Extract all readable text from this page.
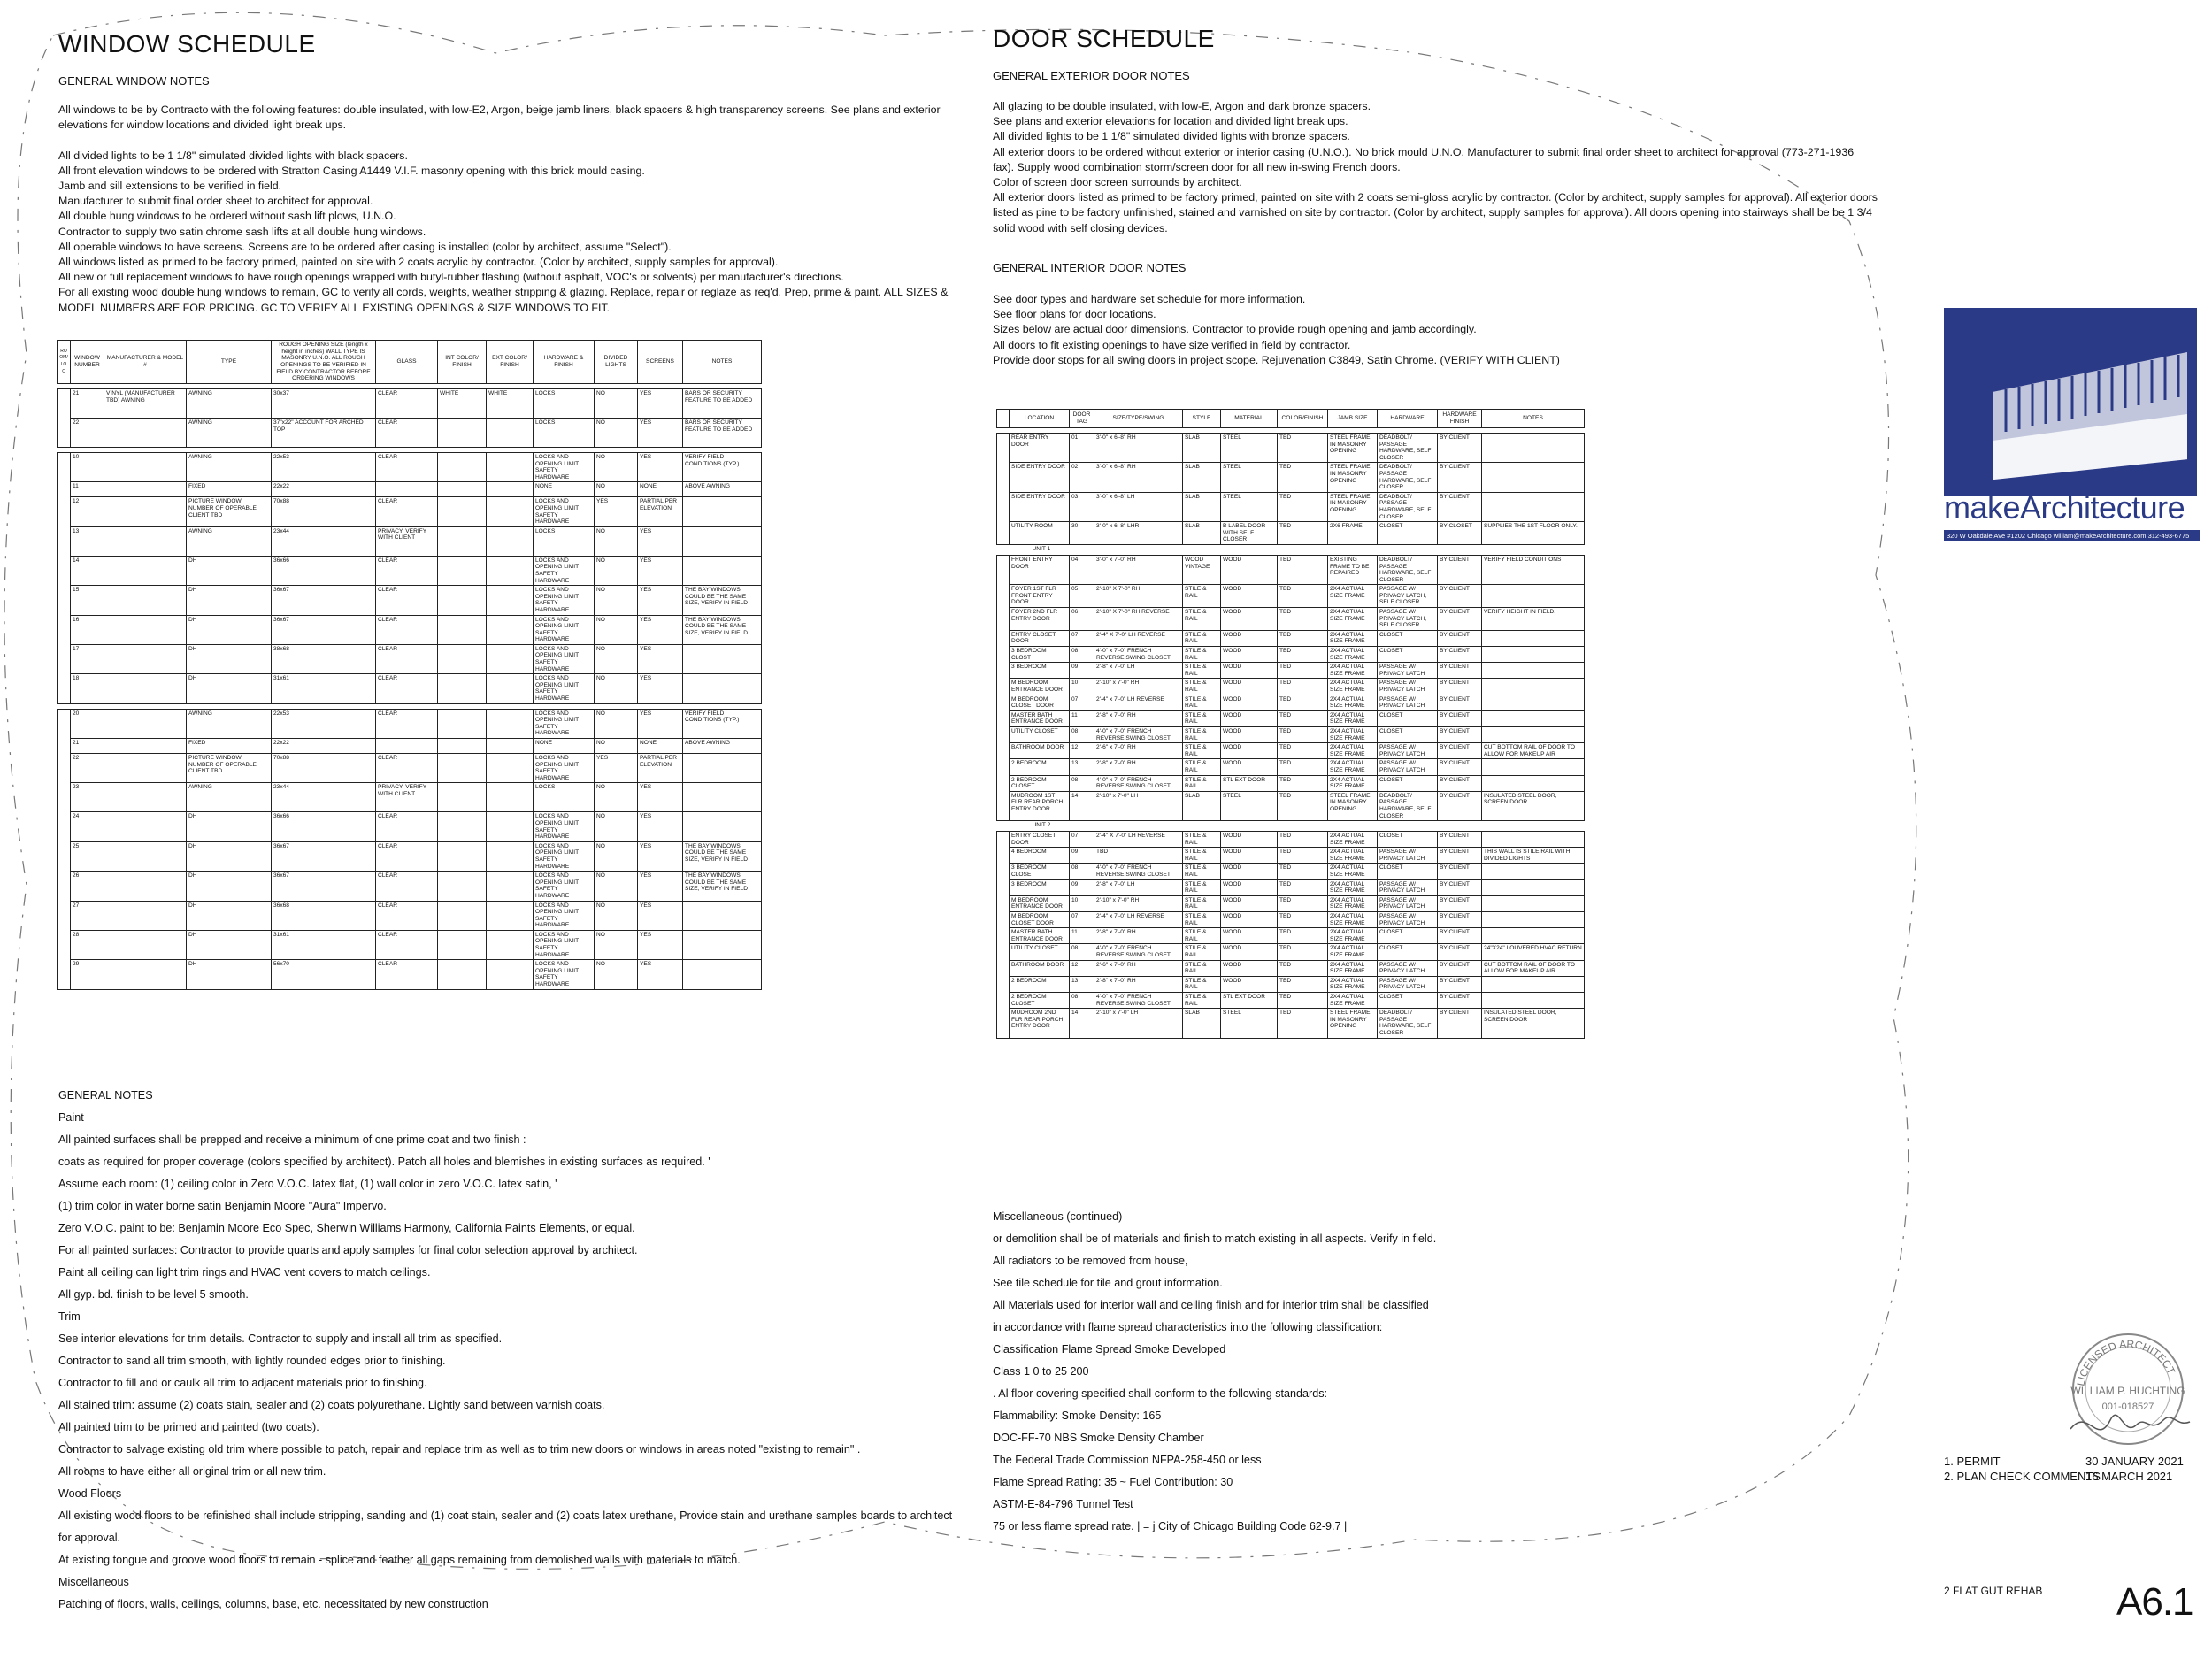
WINDOW SCHEDULE
GENERAL WINDOW NOTES
All windows to be by Contracto with the following features: double insulated, with low-E2, Argon, beige jamb liners, black spacers & high transparency screens. See plans and exterior
elevations for window locations and divided light break ups.

All divided lights to be 1 1/8" simulated divided lights with black spacers.
All front elevation windows to be ordered with Stratton Casing A1449 V.I.F. masonry opening with this brick mould casing.
Jamb and sill extensions to be verified in field.
Manufacturer to submit final order sheet to architect for approval.
All double hung windows to be ordered without sash lift plows, U.N.O.
Contractor to supply two satin chrome sash lifts at all double hung windows.
All operable windows to have screens. Screens are to be ordered after casing is installed (color by architect, assume "Select").
All windows listed as primed to be factory primed, painted on site with 2 coats acrylic by contractor. (Color by architect, supply samples for approval).
All new or full replacement windows to have rough openings wrapped with butyl-rubber flashing (without asphalt, VOC's or solvents) per manufacturer's directions.
For all existing wood double hung windows to remain, GC to verify all cords, weights, weather stripping & glazing. Replace, repair or reglaze as req'd. Prep, prime & paint. ALL SIZES &
MODEL NUMBERS ARE FOR PRICING. GC TO VERIFY ALL EXISTING OPENINGS & SIZE WINDOWS TO FIT.
ROOM/LOC	WINDOW NUMBER	MANUFACTURER & MODEL #	TYPE	ROUGH OPENING SIZE (length x height in inches) WALL TYPE IS MASONRY U.N.O. ALL ROUGH OPENINGS TO BE VERIFIED IN FIELD BY CONTRACTOR BEFORE ORDERING WINDOWS	GLASS	INT COLOR/ FINISH	EXT COLOR/ FINISH	HARDWARE & FINISH	DIVIDED LIGHTS	SCREENS	NOTES

	21	VINYL (MANUFACTURER TBD) AWNING	AWNING	30x37	CLEAR	WHITE	WHITE	LOCKS	NO	YES	BARS OR SECURITY FEATURE TO BE ADDED
	22		AWNING	37"x22" ACCOUNT FOR ARCHED TOP	CLEAR			LOCKS	NO	YES	BARS OR SECURITY FEATURE TO BE ADDED

	10		AWNING	22x53	CLEAR			LOCKS AND OPENING LIMIT SAFETY HARDWARE	NO	YES	VERIFY FIELD CONDITIONS (TYP.)
	11		FIXED	22x22				NONE	NO	NONE	ABOVE AWNING
	12		PICTURE WINDOW. NUMBER OF OPERABLE CLIENT TBD	70x88	CLEAR			LOCKS AND OPENING LIMIT SAFETY HARDWARE	YES	PARTIAL PER ELEVATION	
	13		AWNING	23x44	PRIVACY, VERIFY WITH CLIENT			LOCKS	NO	YES	
	14		DH	36x66	CLEAR			LOCKS AND OPENING LIMIT SAFETY HARDWARE	NO	YES	
	15		DH	36x67	CLEAR			LOCKS AND OPENING LIMIT SAFETY HARDWARE	NO	YES	THE BAY WINDOWS COULD BE THE SAME SIZE, VERIFY IN FIELD
	16		DH	36x67	CLEAR			LOCKS AND OPENING LIMIT SAFETY HARDWARE	NO	YES	THE BAY WINDOWS COULD BE THE SAME SIZE, VERIFY IN FIELD
	17		DH	38x68	CLEAR			LOCKS AND OPENING LIMIT SAFETY HARDWARE	NO	YES	
	18		DH	31x61	CLEAR			LOCKS AND OPENING LIMIT SAFETY HARDWARE	NO	YES	

	20		AWNING	22x53	CLEAR			LOCKS AND OPENING LIMIT SAFETY HARDWARE	NO	YES	VERIFY FIELD CONDITIONS (TYP.)
	21		FIXED	22x22				NONE	NO	NONE	ABOVE AWNING
	22		PICTURE WINDOW. NUMBER OF OPERABLE CLIENT TBD	70x88	CLEAR			LOCKS AND OPENING LIMIT SAFETY HARDWARE	YES	PARTIAL PER ELEVATION	
	23		AWNING	23x44	PRIVACY, VERIFY WITH CLIENT			LOCKS	NO	YES	
	24		DH	36x66	CLEAR			LOCKS AND OPENING LIMIT SAFETY HARDWARE	NO	YES	
	25		DH	36x67	CLEAR			LOCKS AND OPENING LIMIT SAFETY HARDWARE	NO	YES	THE BAY WINDOWS COULD BE THE SAME SIZE, VERIFY IN FIELD
	26		DH	36x67	CLEAR			LOCKS AND OPENING LIMIT SAFETY HARDWARE	NO	YES	THE BAY WINDOWS COULD BE THE SAME SIZE, VERIFY IN FIELD
	27		DH	36x68	CLEAR			LOCKS AND OPENING LIMIT SAFETY HARDWARE	NO	YES	
	28		DH	31x61	CLEAR			LOCKS AND OPENING LIMIT SAFETY HARDWARE	NO	YES	
	29		DH	56x70	CLEAR			LOCKS AND OPENING LIMIT SAFETY HARDWARE	NO	YES	
GENERAL NOTES
Paint
All painted surfaces shall be prepped and receive a minimum of one prime coat and two finish :
coats as required for proper coverage (colors specified by architect). Patch all holes and blemishes in existing surfaces as required. '
Assume each room: (1) ceiling color in Zero V.O.C. latex flat, (1) wall color in zero V.O.C. latex satin, '
(1) trim color in water borne satin Benjamin Moore "Aura" Impervo.
Zero V.O.C. paint to be: Benjamin Moore Eco Spec, Sherwin Williams Harmony, California Paints Elements, or equal.
For all painted surfaces: Contractor to provide quarts and apply samples for final color selection approval by architect.
Paint all ceiling can light trim rings and HVAC vent covers to match ceilings.
All gyp. bd. finish to be level 5 smooth.
Trim
See interior elevations for trim details. Contractor to supply and install all trim as specified.
Contractor to sand all trim smooth, with lightly rounded edges prior to finishing.
Contractor to fill and or caulk all trim to adjacent materials prior to finishing.
All stained trim: assume (2) coats stain, sealer and (2) coats polyurethane. Lightly sand between varnish coats.
All painted trim to be primed and painted (two coats).
Contractor to salvage existing old trim where possible to patch, repair and replace trim as well as to trim new doors or windows in areas noted "existing to remain" .
All rooms to have either all original trim or all new trim.
Wood Floors
All existing wood floors to be refinished shall include stripping, sanding and (1) coat stain, sealer and (2) coats latex urethane, Provide stain and urethane samples boards to architect
for approval.
At existing tongue and groove wood floors to remain - splice and feather all gaps remaining from demolished walls with materials to match.
Miscellaneous
Patching of floors, walls, ceilings, columns, base, etc. necessitated by new construction
DOOR SCHEDULE
GENERAL EXTERIOR DOOR NOTES
All glazing to be double insulated, with low-E, Argon and dark bronze spacers.
See plans and exterior elevations for location and divided light break ups.
All divided lights to be 1 1/8" simulated divided lights with bronze spacers.
All exterior doors to be ordered without exterior or interior casing (U.N.O.). No brick mould U.N.O. Manufacturer to submit final order sheet to architect for approval (773-271-1936
fax). Supply wood combination storm/screen door for all new in-swing French doors.
Color of screen door screen surrounds by architect.
All exterior doors listed as primed to be factory primed, painted on site with 2 coats semi-gloss acrylic by contractor. (Color by architect, supply samples for approval). All exterior doors
listed as pine to be factory unfinished, stained and varnished on site by contractor. (Color by architect, supply samples for approval). All doors opening into stairways shall be be 1 3/4
solid wood with self closing devices.
GENERAL INTERIOR DOOR NOTES
See door types and hardware set schedule for more information.
See floor plans for door locations.
Sizes below are actual door dimensions. Contractor to provide rough opening and jamb accordingly.
All doors to fit existing openings to have size verified in field by contractor.
Provide door stops for all swing doors in project scope. Rejuvenation C3849, Satin Chrome. (VERIFY WITH CLIENT)
	LOCATION	DOOR TAG	SIZE/TYPE/SWING	STYLE	MATERIAL	COLOR/FINISH	JAMB SIZE	HARDWARE	HARDWARE FINISH	NOTES

	REAR ENTRY DOOR	01	3'-0" x 6'-8" RH	SLAB	STEEL	TBD	STEEL FRAME IN MASONRY OPENING	DEADBOLT/ PASSAGE HARDWARE, SELF CLOSER	BY CLIENT	
	SIDE ENTRY DOOR	02	3'-0" x 6'-8" RH	SLAB	STEEL	TBD	STEEL FRAME IN MASONRY OPENING	DEADBOLT/ PASSAGE HARDWARE, SELF CLOSER	BY CLIENT	
	SIDE ENTRY DOOR	03	3'-0" x 6'-8" LH	SLAB	STEEL	TBD	STEEL FRAME IN MASONRY OPENING	DEADBOLT/ PASSAGE HARDWARE, SELF CLOSER	BY CLIENT	
	UTILITY ROOM	30	3'-0" x 6'-8" LHR	SLAB	B LABEL DOOR WITH SELF CLOSER	TBD	2X6 FRAME	CLOSET	BY CLOSET	SUPPLIES THE 1ST FLOOR ONLY.
UNIT 1										
	FRONT ENTRY DOOR	04	3'-0" x 7'-0" RH	WOOD VINTAGE	WOOD	TBD	EXISTING FRAME TO BE REPAIRED	DEADBOLT/ PASSAGE HARDWARE, SELF CLOSER	BY CLIENT	VERIFY FIELD CONDITIONS
	FOYER 1ST FLR FRONT ENTRY DOOR	05	2'-10" X 7'-0" RH	STILE & RAIL	WOOD	TBD	2X4 ACTUAL SIZE FRAME	PASSAGE W/ PRIVACY LATCH, SELF CLOSER	BY CLIENT	
	FOYER 2ND FLR ENTRY DOOR	06	2'-10" X 7'-0" RH REVERSE	STILE & RAIL	WOOD	TBD	2X4 ACTUAL SIZE FRAME	PASSAGE W/ PRIVACY LATCH, SELF CLOSER	BY CLIENT	VERIFY HEIGHT IN FIELD.
	ENTRY CLOSET DOOR	07	2'-4" X 7'-0" LH REVERSE	STILE & RAIL	WOOD	TBD	2X4 ACTUAL SIZE FRAME	CLOSET	BY CLIENT	
	3 BEDROOM CLOST	08	4'-0" x 7'-0" FRENCH REVERSE SWING CLOSET	STILE & RAIL	WOOD	TBD	2X4 ACTUAL SIZE FRAME	CLOSET	BY CLIENT	
	3 BEDROOM	09	2'-8" x 7'-0" LH	STILE & RAIL	WOOD	TBD	2X4 ACTUAL SIZE FRAME	PASSAGE W/ PRIVACY LATCH	BY CLIENT	
	M BEDROOM ENTRANCE DOOR	10	2'-10" x 7'-0" RH	STILE & RAIL	WOOD	TBD	2X4 ACTUAL SIZE FRAME	PASSAGE W/ PRIVACY LATCH	BY CLIENT	
	M BEDROOM CLOSET DOOR	07	2'-4" x 7'-0" LH REVERSE	STILE & RAIL	WOOD	TBD	2X4 ACTUAL SIZE FRAME	PASSAGE W/ PRIVACY LATCH	BY CLIENT	
	MASTER BATH ENTRANCE DOOR	11	2'-8" x 7'-0" RH	STILE & RAIL	WOOD	TBD	2X4 ACTUAL SIZE FRAME	CLOSET	BY CLIENT	
	UTILITY CLOSET	08	4'-0" x 7'-0" FRENCH REVERSE SWING CLOSET	STILE & RAIL	WOOD	TBD	2X4 ACTUAL SIZE FRAME	CLOSET	BY CLIENT	
	BATHROOM DOOR	12	2'-6" x 7'-0" RH	STILE & RAIL	WOOD	TBD	2X4 ACTUAL SIZE FRAME	PASSAGE W/ PRIVACY LATCH	BY CLIENT	CUT BOTTOM RAIL OF DOOR TO ALLOW FOR MAKEUP AIR
	2 BEDROOM	13	2'-8" x 7'-0" RH	STILE & RAIL	WOOD	TBD	2X4 ACTUAL SIZE FRAME	PASSAGE W/ PRIVACY LATCH	BY CLIENT	
	2 BEDROOM CLOSET	08	4'-0" x 7'-0" FRENCH REVERSE SWING CLOSET	STILE & RAIL	STL EXT DOOR	TBD	2X4 ACTUAL SIZE FRAME	CLOSET	BY CLIENT	
	MUDROOM 1ST FLR REAR PORCH ENTRY DOOR	14	2'-10" x 7'-0" LH	SLAB	STEEL	TBD	STEEL FRAME IN MASONRY OPENING	DEADBOLT/ PASSAGE HARDWARE, SELF CLOSER	BY CLIENT	INSULATED STEEL DOOR, SCREEN DOOR
UNIT 2										
	ENTRY CLOSET DOOR	07	2'-4" X 7'-0" LH REVERSE	STILE & RAIL	WOOD	TBD	2X4 ACTUAL SIZE FRAME	CLOSET	BY CLIENT	
	4 BEDROOM	09	TBD	STILE & RAIL	WOOD	TBD	2X4 ACTUAL SIZE FRAME	PASSAGE W/ PRIVACY LATCH	BY CLIENT	THIS WALL IS STILE RAIL WITH DIVIDED LIGHTS
	3 BEDROOM CLOSET	08	4'-0" x 7'-0" FRENCH REVERSE SWING CLOSET	STILE & RAIL	WOOD	TBD	2X4 ACTUAL SIZE FRAME	CLOSET	BY CLIENT	
	3 BEDROOM	09	2'-8" x 7'-0" LH	STILE & RAIL	WOOD	TBD	2X4 ACTUAL SIZE FRAME	PASSAGE W/ PRIVACY LATCH	BY CLIENT	
	M BEDROOM ENTRANCE DOOR	10	2'-10" x 7'-0" RH	STILE & RAIL	WOOD	TBD	2X4 ACTUAL SIZE FRAME	PASSAGE W/ PRIVACY LATCH	BY CLIENT	
	M BEDROOM CLOSET DOOR	07	2'-4" x 7'-0" LH REVERSE	STILE & RAIL	WOOD	TBD	2X4 ACTUAL SIZE FRAME	PASSAGE W/ PRIVACY LATCH	BY CLIENT	
	MASTER BATH ENTRANCE DOOR	11	2'-8" x 7'-0" RH	STILE & RAIL	WOOD	TBD	2X4 ACTUAL SIZE FRAME	CLOSET	BY CLIENT	
	UTILITY CLOSET	08	4'-0" x 7'-0" FRENCH REVERSE SWING CLOSET	STILE & RAIL	WOOD	TBD	2X4 ACTUAL SIZE FRAME	CLOSET	BY CLIENT	24"X24" LOUVERED HVAC RETURN
	BATHROOM DOOR	12	2'-6" x 7'-0" RH	STILE & RAIL	WOOD	TBD	2X4 ACTUAL SIZE FRAME	PASSAGE W/ PRIVACY LATCH	BY CLIENT	CUT BOTTOM RAIL OF DOOR TO ALLOW FOR MAKEUP AIR
	2 BEDROOM	13	2'-8" x 7'-0" RH	STILE & RAIL	WOOD	TBD	2X4 ACTUAL SIZE FRAME	PASSAGE W/ PRIVACY LATCH	BY CLIENT	
	2 BEDROOM CLOSET	08	4'-0" x 7'-0" FRENCH REVERSE SWING CLOSET	STILE & RAIL	STL EXT DOOR	TBD	2X4 ACTUAL SIZE FRAME	CLOSET	BY CLIENT	
	MUDROOM 2ND FLR REAR PORCH ENTRY DOOR	14	2'-10" x 7'-0" LH	SLAB	STEEL	TBD	STEEL FRAME IN MASONRY OPENING	DEADBOLT/ PASSAGE HARDWARE, SELF CLOSER	BY CLIENT	INSULATED STEEL DOOR, SCREEN DOOR
Miscellaneous (continued)
or demolition shall be of materials and finish to match existing in all aspects. Verify in field.
All radiators to be removed from house,
See tile schedule for tile and grout information.
All Materials used for interior wall and ceiling finish and for interior trim shall be classified
in accordance with flame spread characteristics into the following classification:
Classification Flame Spread Smoke Developed
Class 1 0 to 25 200
. Al floor covering specified shall conform to the following standards:
Flammability: Smoke Density: 165
DOC-FF-70 NBS Smoke Density Chamber
The Federal Trade Commission NFPA-258-450 or less
Flame Spread Rating: 35 ~ Fuel Contribution: 30
ASTM-E-84-796 Tunnel Test
75 or less flame spread rate. | = j City of Chicago Building Code 62-9.7 |
makeArchitecture
320 W Oakdale Ave #1202 Chicago william@makeArchitecture.com 312-493-6775
LICENSED ARCHITECT
WILLIAM P. HUCHTING
001-018527
1. PERMIT	30 JANUARY 2021
2. PLAN CHECK COMMENTS16 MARCH 2021
2 FLAT GUT REHAB A6.1
